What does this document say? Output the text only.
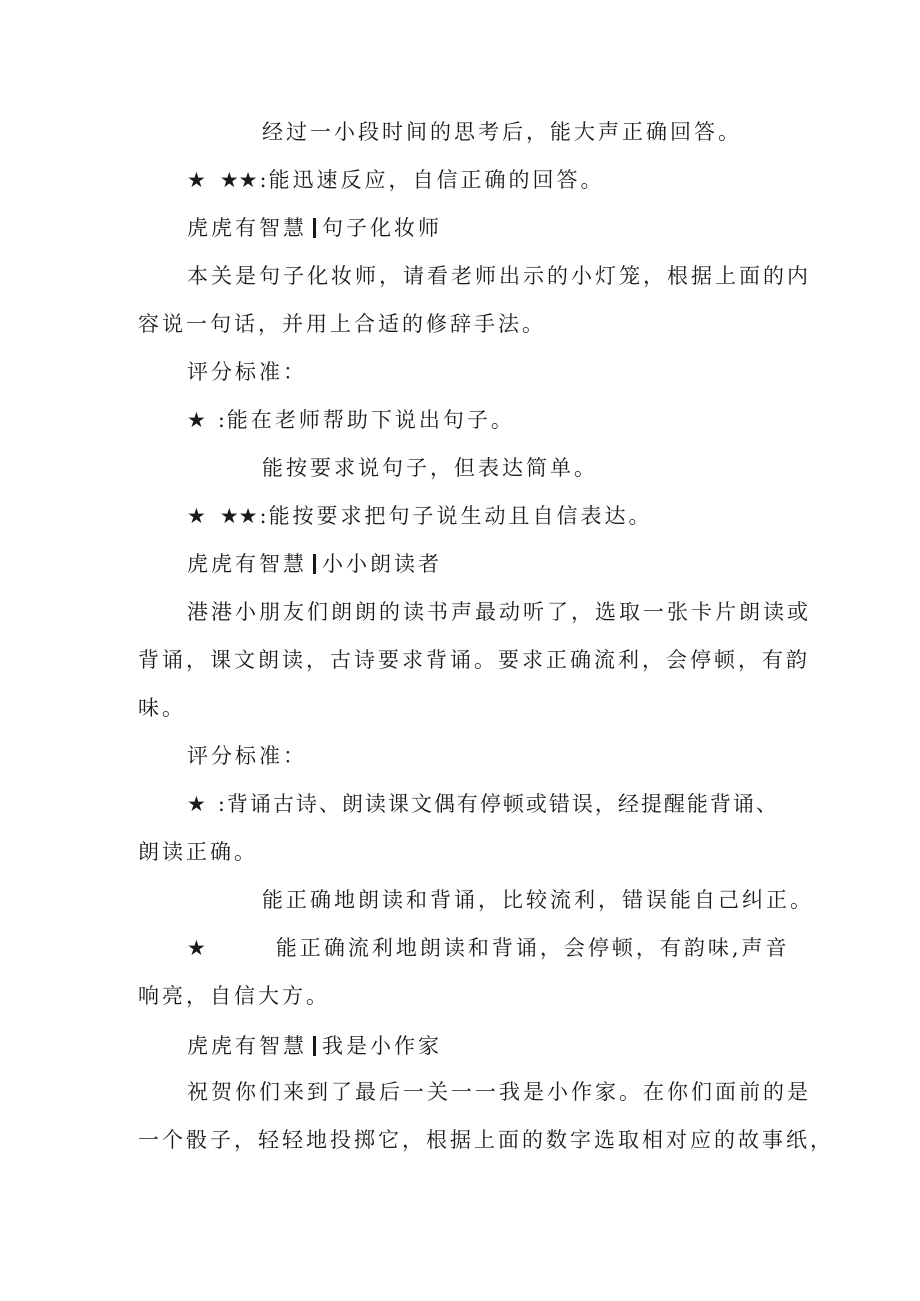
经过一小段时间的思考后，能大声正确回答。
★ ★★:能迅速反应，自信正确的回答。
虎虎有智慧 句子化妆师
本关是句子化妆师，请看老师出示的小灯笼，根据上面的内
容说一句话，并用上合适的修辞手法。
评分标准：
★ :能在老师帮助下说出句子。
能按要求说句子，但表达简单。
★ ★★:能按要求把句子说生动且自信表达。
虎虎有智慧 小小朗读者
港港小朋友们朗朗的读书声最动听了，选取一张卡片朗读或
背诵，课文朗读，古诗要求背诵。要求正确流利，会停顿，有韵
味。
评分标准：
★ :背诵古诗、朗读课文偶有停顿或错误，经提醒能背诵、
朗读正确。
能正确地朗读和背诵，比较流利，错误能自己纠正。
★	能正确流利地朗读和背诵，会停顿，有韵味,声音
响亮，自信大方。
虎虎有智慧 我是小作家
祝贺你们来到了最后一关一一我是小作家。在你们面前的是
一个骰子，轻轻地投掷它，根据上面的数字选取相对应的故事纸，
